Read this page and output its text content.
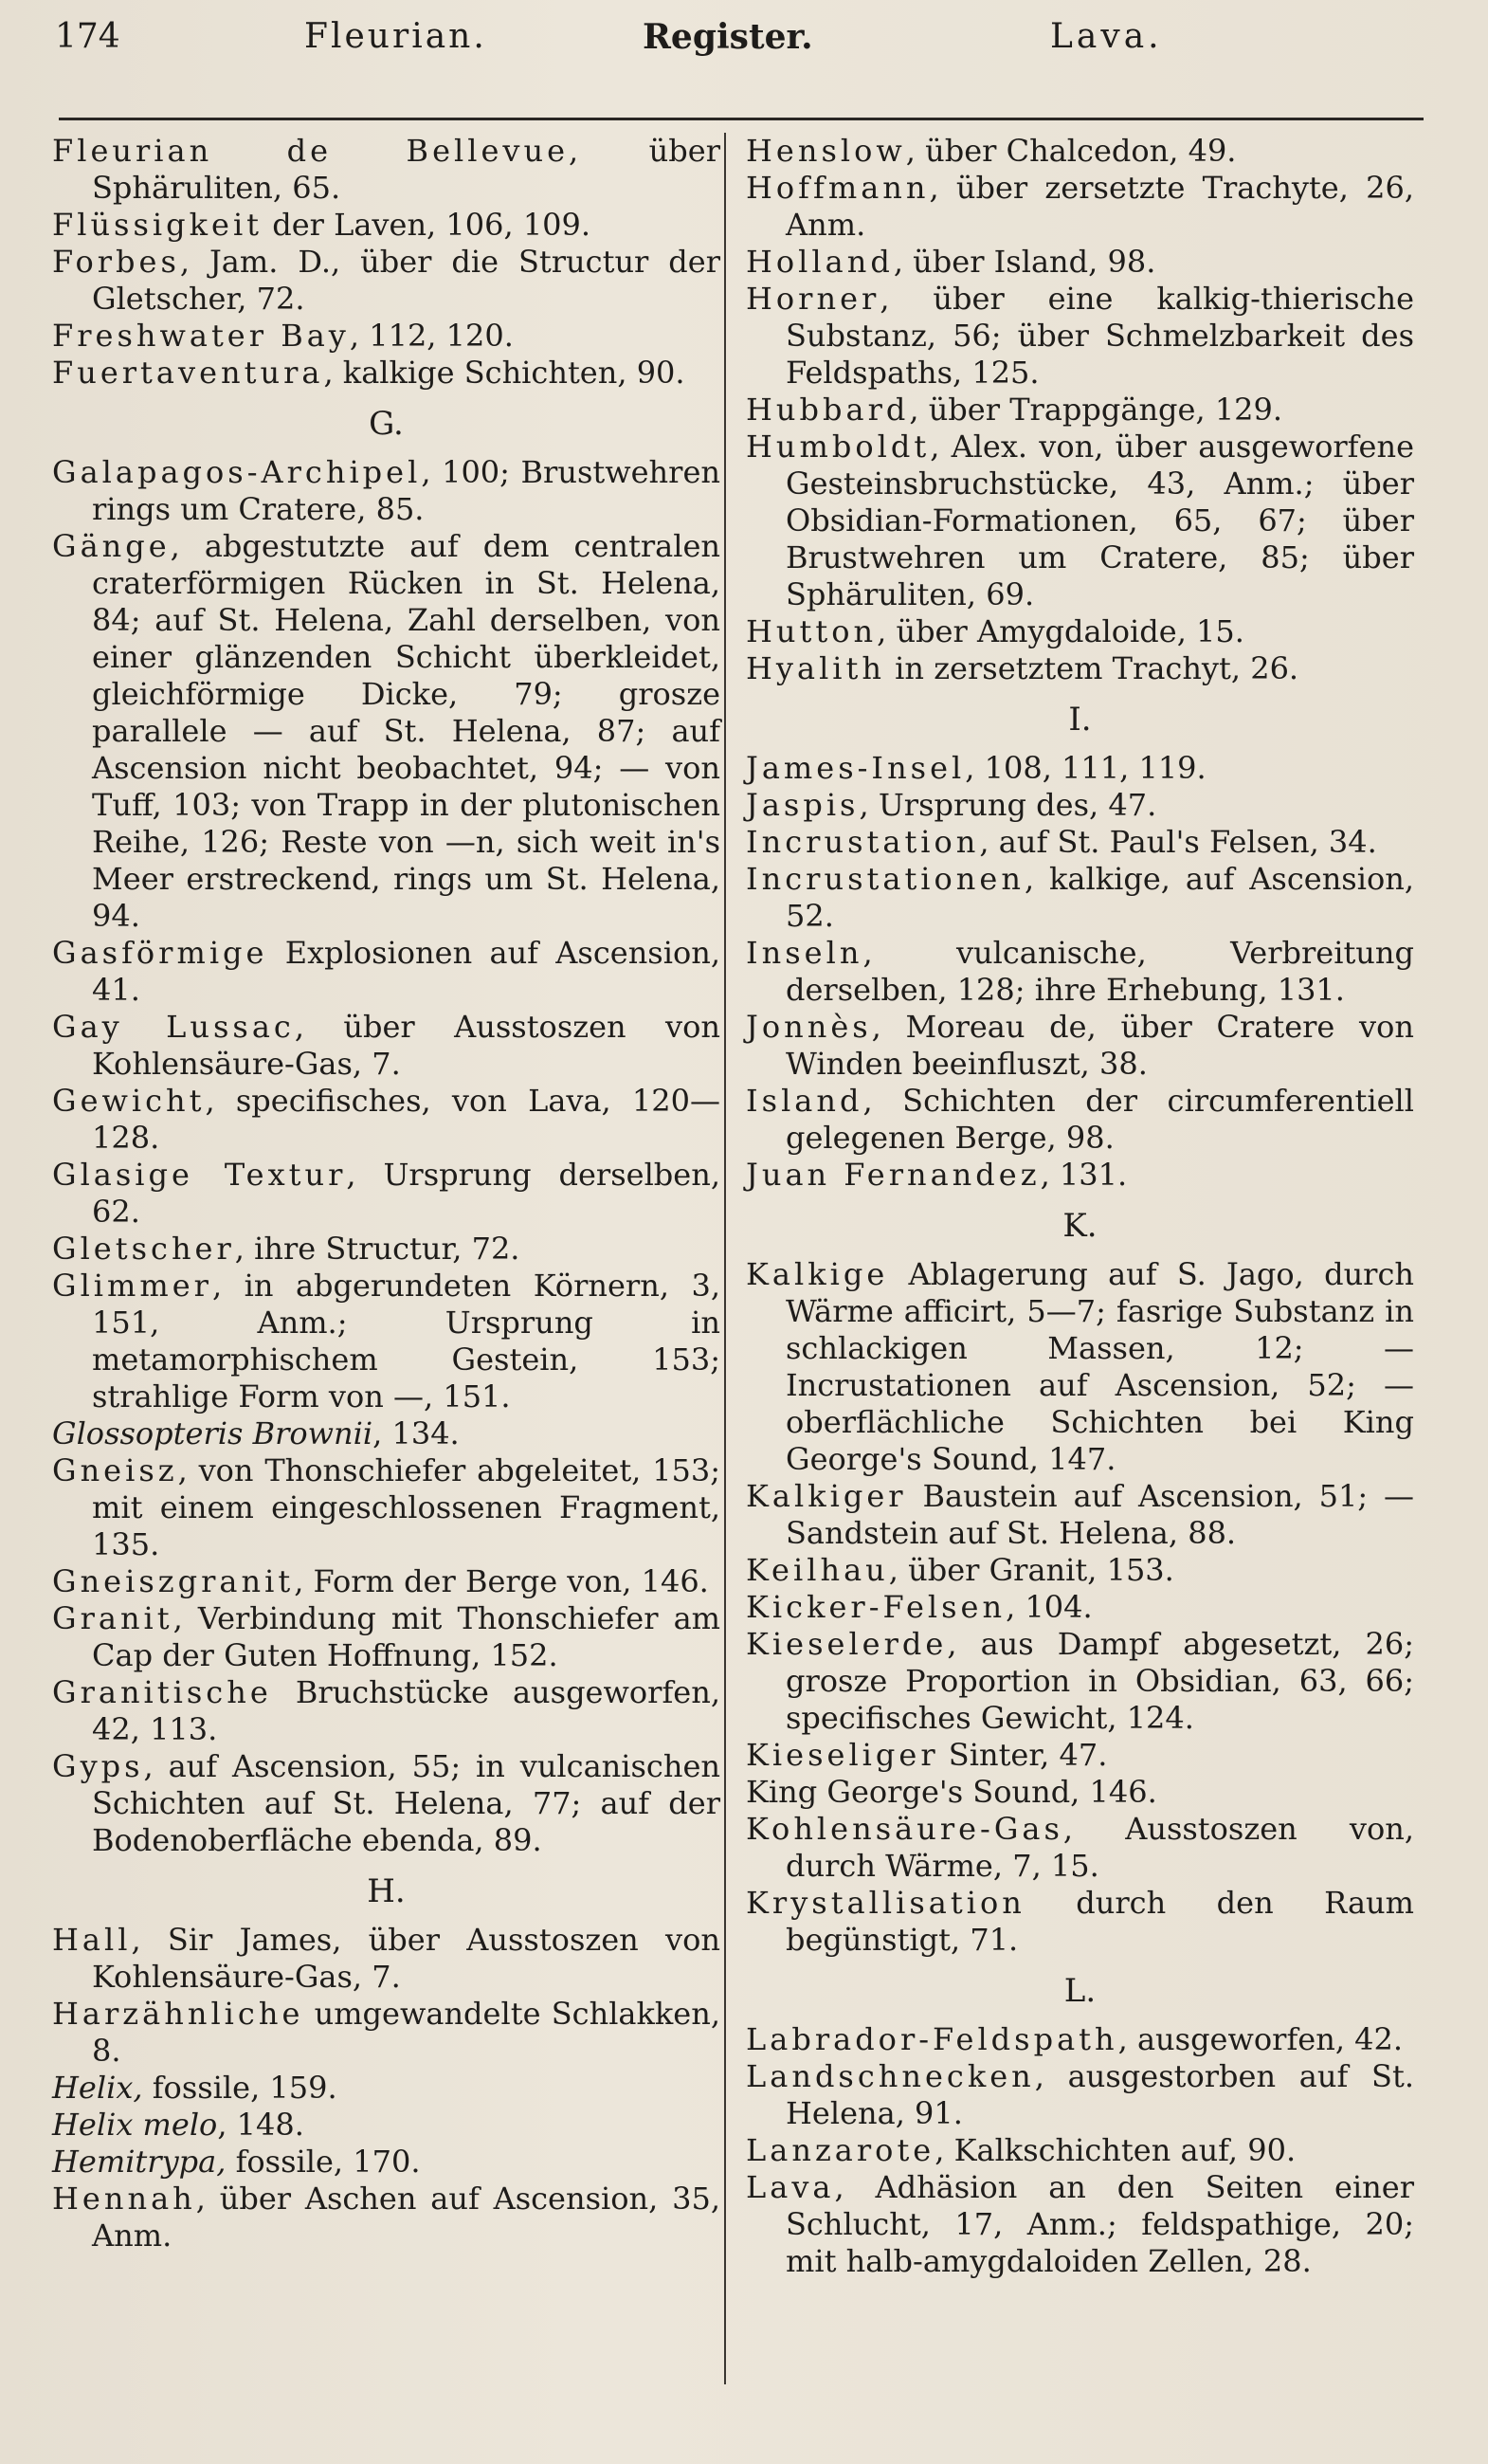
174	Fleurian.	Register.	Lava.

Fleurian de Bellevue, über Sphäruliten, 65.

Flüssigkeit der Laven, 106, 109.

Forbes, Jam. D., über die Structur der Gletscher, 72.

Freshwater Bay, 112, 120.

Fuertaventura, kalkige Schichten, 90.

G.

Galapagos-Archipel, 100; Brustwehren rings um Cratere, 85.

Gänge, abgestutzte auf dem centralen craterförmigen Rücken in St. Helena, 84; auf St. Helena, Zahl derselben, von einer glänzenden Schicht überkleidet, gleichförmige Dicke, 79; grosze parallele — auf St. Helena, 87; auf Ascension nicht beobachtet, 94; — von Tuff, 103; von Trapp in der plutonischen Reihe, 126; Reste von —n, sich weit in's Meer erstreckend, rings um St. Helena, 94.

Gasförmige Explosionen auf Ascension, 41.

Gay Lussac, über Ausstoszen von Kohlensäure-Gas, 7.

Gewicht, specifisches, von Lava, 120—128.

Glasige Textur, Ursprung derselben, 62.

Gletscher, ihre Structur, 72.

Glimmer, in abgerundeten Körnern, 3, 151, Anm.; Ursprung in metamorphischem Gestein, 153; strahlige Form von —, 151.

Glossopteris Brownii, 134.

Gneisz, von Thonschiefer abgeleitet, 153; mit einem eingeschlossenen Fragment, 135.

Gneiszgranit, Form der Berge von, 146.

Granit, Verbindung mit Thonschiefer am Cap der Guten Hoffnung, 152.

Granitische Bruchstücke ausgeworfen, 42, 113.

Gyps, auf Ascension, 55; in vulcanischen Schichten auf St. Helena, 77; auf der Bodenoberfläche ebenda, 89.

H.

Hall, Sir James, über Ausstoszen von Kohlensäure-Gas, 7.

Harzähnliche umgewandelte Schlakken, 8.

Helix, fossile, 159.

Helix melo, 148.

Hemitrypa, fossile, 170.

Hennah, über Aschen auf Ascension, 35, Anm.

Henslow, über Chalcedon, 49.

Hoffmann, über zersetzte Trachyte, 26, Anm.

Holland, über Island, 98.

Horner, über eine kalkig-thierische Substanz, 56; über Schmelzbarkeit des Feldspaths, 125.

Hubbard, über Trappgänge, 129.

Humboldt, Alex. von, über ausgeworfene Gesteinsbruchstücke, 43, Anm.; über Obsidian-Formationen, 65, 67; über Brustwehren um Cratere, 85; über Sphäruliten, 69.

Hutton, über Amygdaloide, 15.

Hyalith in zersetztem Trachyt, 26.

I.

James-Insel, 108, 111, 119.

Jaspis, Ursprung des, 47.

Incrustation, auf St. Paul's Felsen, 34.

Incrustationen, kalkige, auf Ascension, 52.

Inseln, vulcanische, Verbreitung derselben, 128; ihre Erhebung, 131.

Jonnès, Moreau de, über Cratere von Winden beeinfluszt, 38.

Island, Schichten der circumferentiell gelegenen Berge, 98.

Juan Fernandez, 131.

K.

Kalkige Ablagerung auf S. Jago, durch Wärme afficirt, 5—7; fasrige Substanz in schlackigen Massen, 12; — Incrustationen auf Ascension, 52; — oberflächliche Schichten bei King George's Sound, 147.

Kalkiger Baustein auf Ascension, 51; — Sandstein auf St. Helena, 88.

Keilhau, über Granit, 153.

Kicker-Felsen, 104.

Kieselerde, aus Dampf abgesetzt, 26; grosze Proportion in Obsidian, 63, 66; specifisches Gewicht, 124.

Kieseliger Sinter, 47.

King George's Sound, 146.

Kohlensäure-Gas, Ausstoszen von, durch Wärme, 7, 15.

Krystallisation durch den Raum begünstigt, 71.

L.

Labrador-Feldspath, ausgeworfen, 42.

Landschnecken, ausgestorben auf St. Helena, 91.

Lanzarote, Kalkschichten auf, 90.

Lava, Adhäsion an den Seiten einer Schlucht, 17, Anm.; feldspathige, 20; mit halb-amygdaloiden Zellen, 28.
